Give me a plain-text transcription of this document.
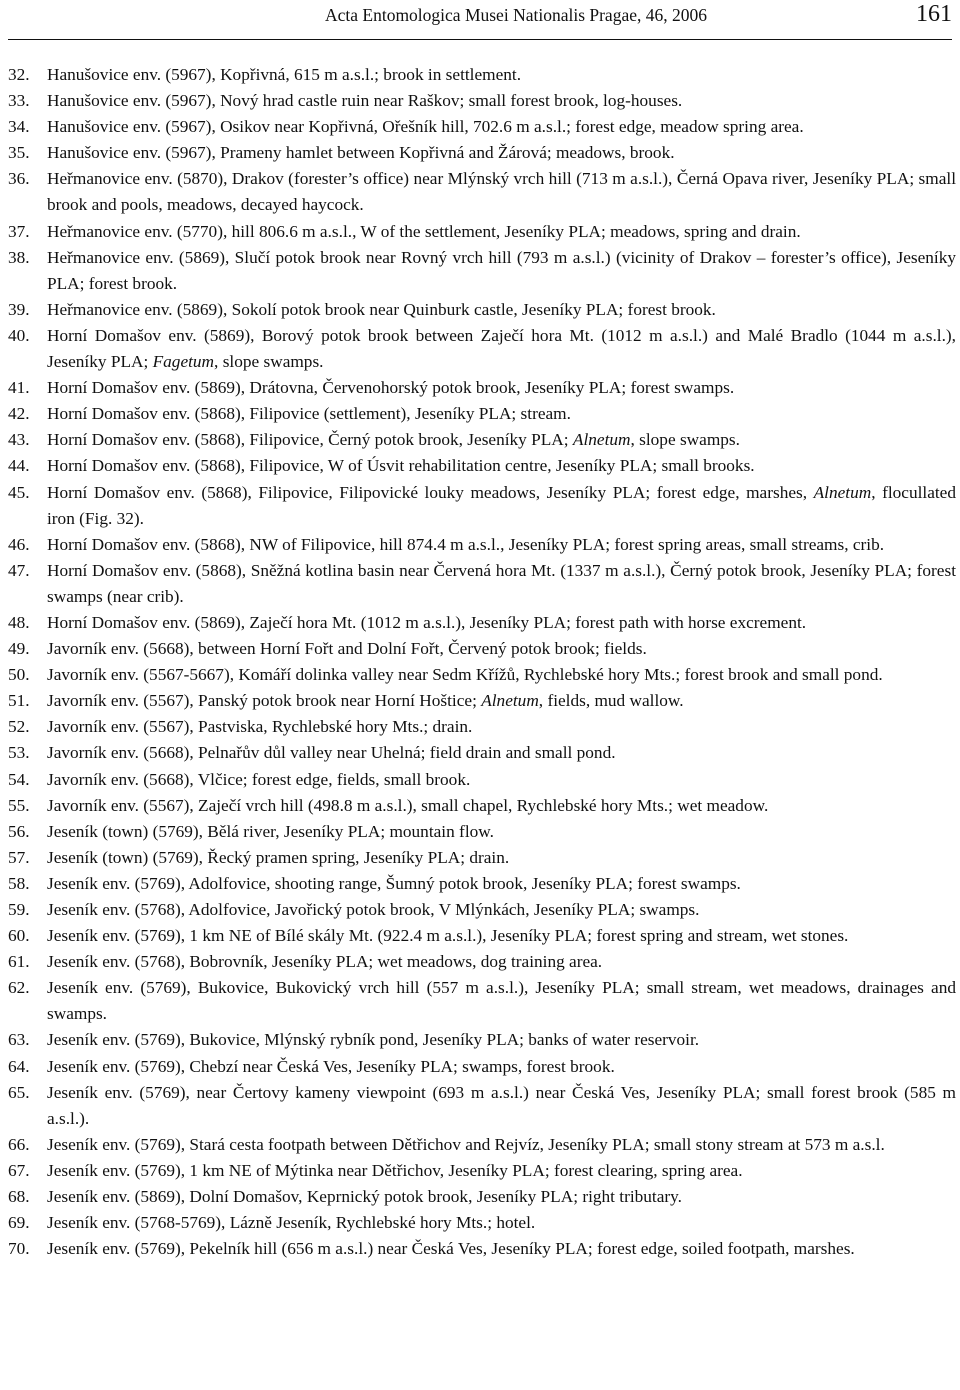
Acta Entomologica Musei Nationalis Pragae, 46, 2006	161
32.	Hanušovice env. (5967), Kopřivná, 615 m a.s.l.; brook in settlement.
33.	Hanušovice env. (5967), Nový hrad castle ruin near Raškov; small forest brook, log-houses.
34.	Hanušovice env. (5967), Osikov near Kopřivná, Ořešník hill, 702.6 m a.s.l.; forest edge, meadow spring area.
35.	Hanušovice env. (5967), Prameny hamlet between Kopřivná and Žárová; meadows, brook.
36.	Heřmanovice env. (5870), Drakov (forester’s office) near Mlýnský vrch hill (713 m a.s.l.), Černá Opava river, Jeseníky PLA; small brook and pools, meadows, decayed haycock.
37.	Heřmanovice env. (5770), hill 806.6 m a.s.l., W of the settlement, Jeseníky PLA; meadows, spring and drain.
38.	Heřmanovice env. (5869), Slučí potok brook near Rovný vrch hill (793 m a.s.l.) (vicinity of Drakov – forester’s office), Jeseníky PLA; forest brook.
39.	Heřmanovice env. (5869), Sokolí potok brook near Quinburk castle, Jeseníky PLA; forest brook.
40.	Horní Domašov env. (5869), Borový potok brook between Zaječí hora Mt. (1012 m a.s.l.) and Malé Bradlo (1044 m a.s.l.), Jeseníky PLA; Fagetum, slope swamps.
41.	Horní Domašov env. (5869), Drátovna, Červenohorský potok brook, Jeseníky PLA; forest swamps.
42.	Horní Domašov env. (5868), Filipovice (settlement), Jeseníky PLA; stream.
43.	Horní Domašov env. (5868), Filipovice, Černý potok brook, Jeseníky PLA; Alnetum, slope swamps.
44.	Horní Domašov env. (5868), Filipovice, W of Úsvit rehabilitation centre, Jeseníky PLA; small brooks.
45.	Horní Domašov env. (5868), Filipovice, Filipovické louky meadows, Jeseníky PLA; forest edge, marshes, Alnetum, flocullated iron (Fig. 32).
46.	Horní Domašov env. (5868), NW of Filipovice, hill 874.4 m a.s.l., Jeseníky PLA; forest spring areas, small streams, crib.
47.	Horní Domašov env. (5868), Sněžná kotlina basin near Červená hora Mt. (1337 m a.s.l.), Černý potok brook, Jeseníky PLA; forest swamps (near crib).
48.	Horní Domašov env. (5869), Zaječí hora Mt. (1012 m a.s.l.), Jeseníky PLA; forest path with horse excrement.
49.	Javorník env. (5668), between Horní Fořt and Dolní Fořt, Červený potok brook; fields.
50.	Javorník env. (5567-5667), Komáří dolinka valley near Sedm Křížů, Rychlebské hory Mts.; forest brook and small pond.
51.	Javorník env. (5567), Panský potok brook near Horní Hoštice; Alnetum, fields, mud wallow.
52.	Javorník env. (5567), Pastviska, Rychlebské hory Mts.; drain.
53.	Javorník env. (5668), Pelnařův důl valley near Uhelná; field drain and small pond.
54.	Javorník env. (5668), Vlčice; forest edge, fields, small brook.
55.	Javorník env. (5567), Zaječí vrch hill (498.8 m a.s.l.), small chapel, Rychlebské hory Mts.; wet meadow.
56.	Jeseník (town) (5769), Bělá river, Jeseníky PLA; mountain flow.
57.	Jeseník (town) (5769), Řecký pramen spring, Jeseníky PLA; drain.
58.	Jeseník env. (5769), Adolfovice, shooting range, Šumný potok brook, Jeseníky PLA; forest swamps.
59.	Jeseník env. (5768), Adolfovice, Javořický potok brook, V Mlýnkách, Jeseníky PLA; swamps.
60.	Jeseník env. (5769), 1 km NE of Bílé skály Mt. (922.4 m a.s.l.), Jeseníky PLA; forest spring and stream, wet stones.
61.	Jeseník env. (5768), Bobrovník, Jeseníky PLA; wet meadows, dog training area.
62.	Jeseník env. (5769), Bukovice, Bukovický vrch hill (557 m a.s.l.), Jeseníky PLA; small stream, wet meadows, drainages and swamps.
63.	Jeseník env. (5769), Bukovice, Mlýnský rybník pond, Jeseníky PLA; banks of water reservoir.
64.	Jeseník env. (5769), Chebzí near Česká Ves, Jeseníky PLA; swamps, forest brook.
65.	Jeseník env. (5769), near Čertovy kameny viewpoint (693 m a.s.l.) near Česká Ves, Jeseníky PLA; small forest brook (585 m a.s.l.).
66.	Jeseník env. (5769), Stará cesta footpath between Dětřichov and Rejvíz, Jeseníky PLA; small stony stream at 573 m a.s.l.
67.	Jeseník env. (5769), 1 km NE of Mýtinka near Dětřichov, Jeseníky PLA; forest clearing, spring area.
68.	Jeseník env. (5869), Dolní Domašov, Keprnický potok brook, Jeseníky PLA; right tributary.
69.	Jeseník env. (5768-5769), Lázně Jeseník, Rychlebské hory Mts.; hotel.
70.	Jeseník env. (5769), Pekelník hill (656 m a.s.l.) near Česká Ves, Jeseníky PLA; forest edge, soiled footpath, marshes.
